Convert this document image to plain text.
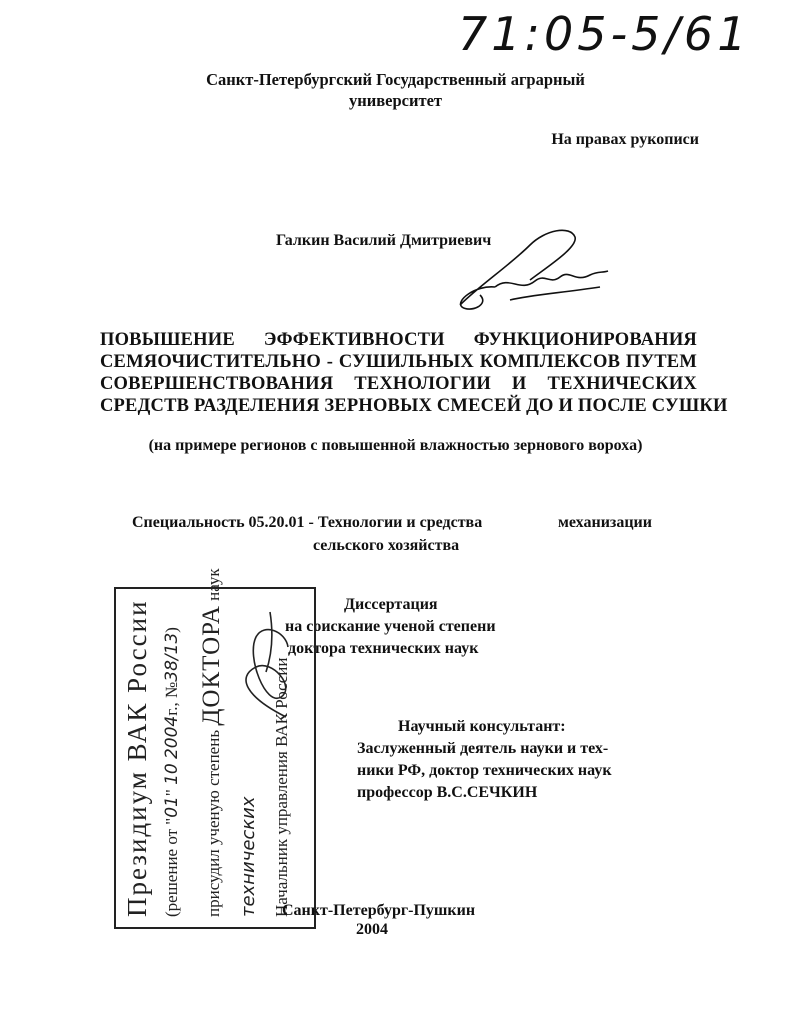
71:05-5/61
Санкт-Петербургский Государственный аграрный
университет
На правах рукописи
Галкин Василий Дмитриевич
ПОВЫШЕНИЕ ЭФФЕКТИВНОСТИ ФУНКЦИОНИРОВАНИЯ
СЕМЯОЧИСТИТЕЛЬНО - СУШИЛЬНЫХ КОМПЛЕКСОВ ПУТЕМ
СОВЕРШЕНСТВОВАНИЯ ТЕХНОЛОГИИ И ТЕХНИЧЕСКИХ
СРЕДСТВ РАЗДЕЛЕНИЯ ЗЕРНОВЫХ СМЕСЕЙ ДО И ПОСЛЕ СУШКИ
(на примере регионов с повышенной влажностью зернового вороха)
Специальность 05.20.01 - Технологии и средства	механизации
сельского хозяйства
Диссертация
на соискание ученой степени
доктора технических наук
Научный консультант:
Заслуженный деятель науки и тех-
ники РФ, доктор технических наук
профессор В.С.СЕЧКИН
Президиум ВАК России (решение от "01" 10 2004г., №38/13)
присудил ученую степень ДОКТОРА наук
технических Начальник управления ВАК России
Санкт-Петербург-Пушкин
2004
